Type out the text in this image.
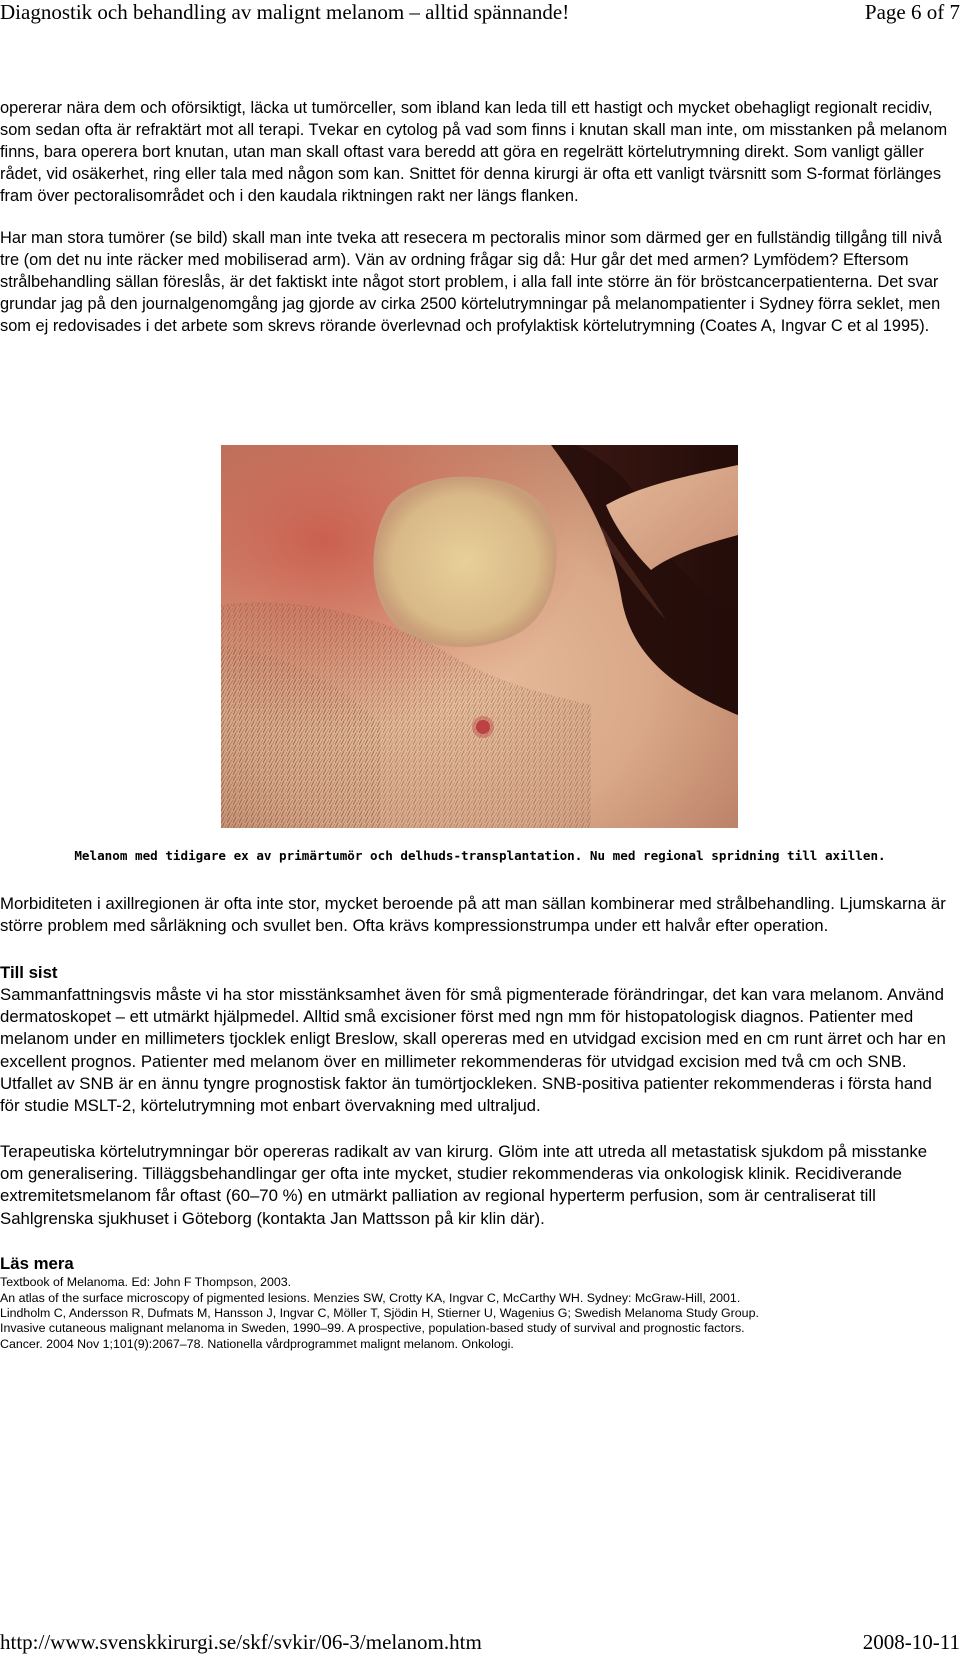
Diagnostik och behandling av malignt melanom – alltid spännande!	Page 6 of 7

opererar nära dem och oförsiktigt, läcka ut tumörceller, som ibland kan leda till ett hastigt och mycket obehagligt regionalt recidiv, som sedan ofta är refraktärt mot all terapi. Tvekar en cytolog på vad som finns i knutan skall man inte, om misstanken på melanom finns, bara operera bort knutan, utan man skall oftast vara beredd att göra en regelrätt körtelutrymning direkt. Som vanligt gäller rådet, vid osäkerhet, ring eller tala med någon som kan. Snittet för denna kirurgi är ofta ett vanligt tvärsnitt som S-format förlänges fram över pectoralisområdet och i den kaudala riktningen rakt ner längs flanken.

Har man stora tumörer (se bild) skall man inte tveka att resecera m pectoralis minor som därmed ger en fullständig tillgång till nivå tre (om det nu inte räcker med mobiliserad arm). Vän av ordning frågar sig då: Hur går det med armen? Lymfödem? Eftersom strålbehandling sällan föreslås, är det faktiskt inte något stort problem, i alla fall inte större än för bröstcancerpatienterna. Det svar grundar jag på den journalgenomgång jag gjorde av cirka 2500 körtelutrymningar på melanompatienter i Sydney förra seklet, men som ej redovisades i det arbete som skrevs rörande överlevnad och profylaktisk körtelutrymning (Coates A, Ingvar C et al 1995).

Melanom med tidigare ex av primärtumör och delhuds-transplantation. Nu med regional spridning till axillen.

Morbiditeten i axillregionen är ofta inte stor, mycket beroende på att man sällan kombinerar med strålbehandling. Ljumskarna är större problem med sårläkning och svullet ben. Ofta krävs kompressionstrumpa under ett halvår efter operation.

Till sist

Sammanfattningsvis måste vi ha stor misstänksamhet även för små pigmenterade förändringar, det kan vara melanom. Använd dermatoskopet – ett utmärkt hjälpmedel. Alltid små excisioner först med ngn mm för histopatologisk diagnos. Patienter med melanom under en millimeters tjocklek enligt Breslow, skall opereras med en utvidgad excision med en cm runt ärret och har en excellent prognos. Patienter med melanom över en millimeter rekommenderas för utvidgad excision med två cm och SNB. Utfallet av SNB är en ännu tyngre prognostisk faktor än tumörtjockleken. SNB-positiva patienter rekommenderas i första hand för studie MSLT-2, körtelutrymning mot enbart övervakning med ultraljud.

Terapeutiska körtelutrymningar bör opereras radikalt av van kirurg. Glöm inte att utreda all metastatisk sjukdom på misstanke om generalisering. Tilläggsbehandlingar ger ofta inte mycket, studier rekommenderas via onkologisk klinik. Recidiverande extremitetsmelanom får oftast (60–70 %) en utmärkt palliation av regional hyperterm perfusion, som är centraliserat till Sahlgrenska sjukhuset i Göteborg (kontakta Jan Mattsson på kir klin där).

Läs mera

Textbook of Melanoma. Ed: John F Thompson, 2003.

An atlas of the surface microscopy of pigmented lesions. Menzies SW, Crotty KA, Ingvar C, McCarthy WH. Sydney: McGraw-Hill, 2001.

Lindholm C, Andersson R, Dufmats M, Hansson J, Ingvar C, Möller T, Sjödin H, Stierner U, Wagenius G; Swedish Melanoma Study Group.

Invasive cutaneous malignant melanoma in Sweden, 1990–99. A prospective, population-based study of survival and prognostic factors.

Cancer. 2004 Nov 1;101(9):2067–78. Nationella vårdprogrammet malignt melanom. Onkologi.

http://www.svenskkirurgi.se/skf/svkir/06-3/melanom.htm	2008-10-11
